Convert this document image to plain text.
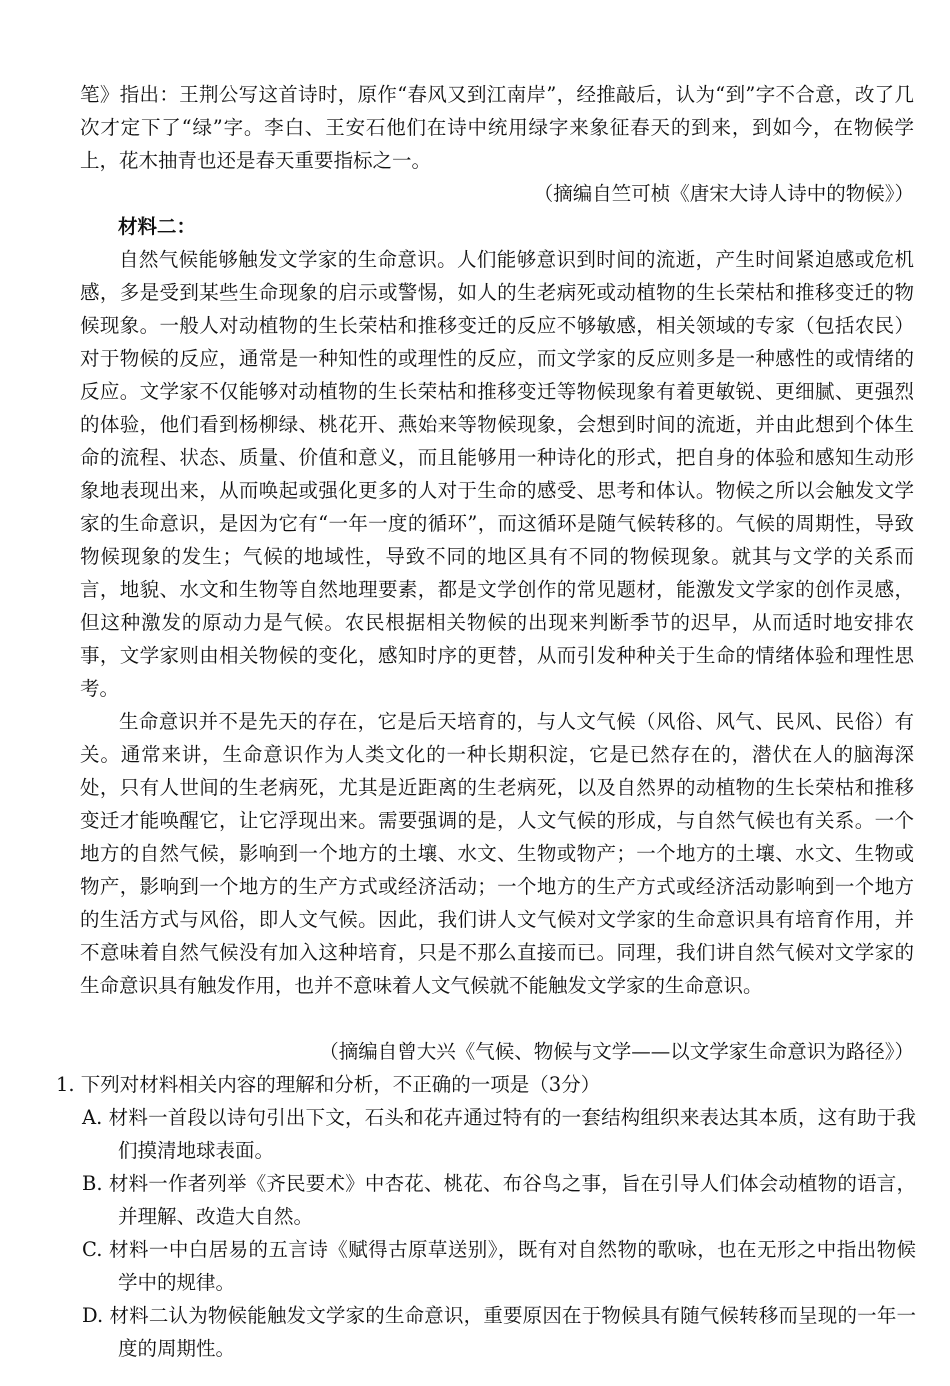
笔》指出：王荆公写这首诗时，原作“春风又到江南岸”，经推敲后，认为“到”字不合意，改了几次才定下了“绿”字。李白、王安石他们在诗中统用绿字来象征春天的到来，到如今，在物候学上，花木抽青也还是春天重要指标之一。

（摘编自竺可桢《唐宋大诗人诗中的物候》）
材料二：

自然气候能够触发文学家的生命意识。人们能够意识到时间的流逝，产生时间紧迫感或危机感，多是受到某些生命现象的启示或警惕，如人的生老病死或动植物的生长荣枯和推移变迁的物候现象。一般人对动植物的生长荣枯和推移变迁的反应不够敏感，相关领域的专家（包括农民）对于物候的反应，通常是一种知性的或理性的反应，而文学家的反应则多是一种感性的或情绪的反应。文学家不仅能够对动植物的生长荣枯和推移变迁等物候现象有着更敏锐、更细腻、更强烈的体验，他们看到杨柳绿、桃花开、燕始来等物候现象，会想到时间的流逝，并由此想到个体生命的流程、状态、质量、价值和意义，而且能够用一种诗化的形式，把自身的体验和感知生动形象地表现出来，从而唤起或强化更多的人对于生命的感受、思考和体认。物候之所以会触发文学家的生命意识，是因为它有“一年一度的循环”，而这循环是随气候转移的。气候的周期性，导致物候现象的发生；气候的地域性，导致不同的地区具有不同的物候现象。就其与文学的关系而言，地貌、水文和生物等自然地理要素，都是文学创作的常见题材，能激发文学家的创作灵感，但这种激发的原动力是气候。农民根据相关物候的出现来判断季节的迟早，从而适时地安排农事，文学家则由相关物候的变化，感知时序的更替，从而引发种种关于生命的情绪体验和理性思考。

生命意识并不是先天的存在，它是后天培育的，与人文气候（风俗、风气、民风、民俗）有关。通常来讲，生命意识作为人类文化的一种长期积淀，它是已然存在的，潜伏在人的脑海深处，只有人世间的生老病死，尤其是近距离的生老病死，以及自然界的动植物的生长荣枯和推移变迁才能唤醒它，让它浮现出来。需要强调的是，人文气候的形成，与自然气候也有关系。一个地方的自然气候，影响到一个地方的土壤、水文、生物或物产；一个地方的土壤、水文、生物或物产，影响到一个地方的生产方式或经济活动；一个地方的生产方式或经济活动影响到一个地方的生活方式与风俗，即人文气候。因此，我们讲人文气候对文学家的生命意识具有培育作用，并不意味着自然气候没有加入这种培育，只是不那么直接而已。同理，我们讲自然气候对文学家的生命意识具有触发作用，也并不意味着人文气候就不能触发文学家的生命意识。

（摘编自曾大兴《气候、物候与文学——以文学家生命意识为路径》）
1. 下列对材料相关内容的理解和分析，不正确的一项是（3分）
A. 材料一首段以诗句引出下文，石头和花卉通过特有的一套结构组织来表达其本质，这有助于我们摸清地球表面。
B. 材料一作者列举《齐民要术》中杏花、桃花、布谷鸟之事，旨在引导人们体会动植物的语言，并理解、改造大自然。
C. 材料一中白居易的五言诗《赋得古原草送别》，既有对自然物的歌咏，也在无形之中指出物候学中的规律。
D. 材料二认为物候能触发文学家的生命意识，重要原因在于物候具有随气候转移而呈现的一年一度的周期性。
